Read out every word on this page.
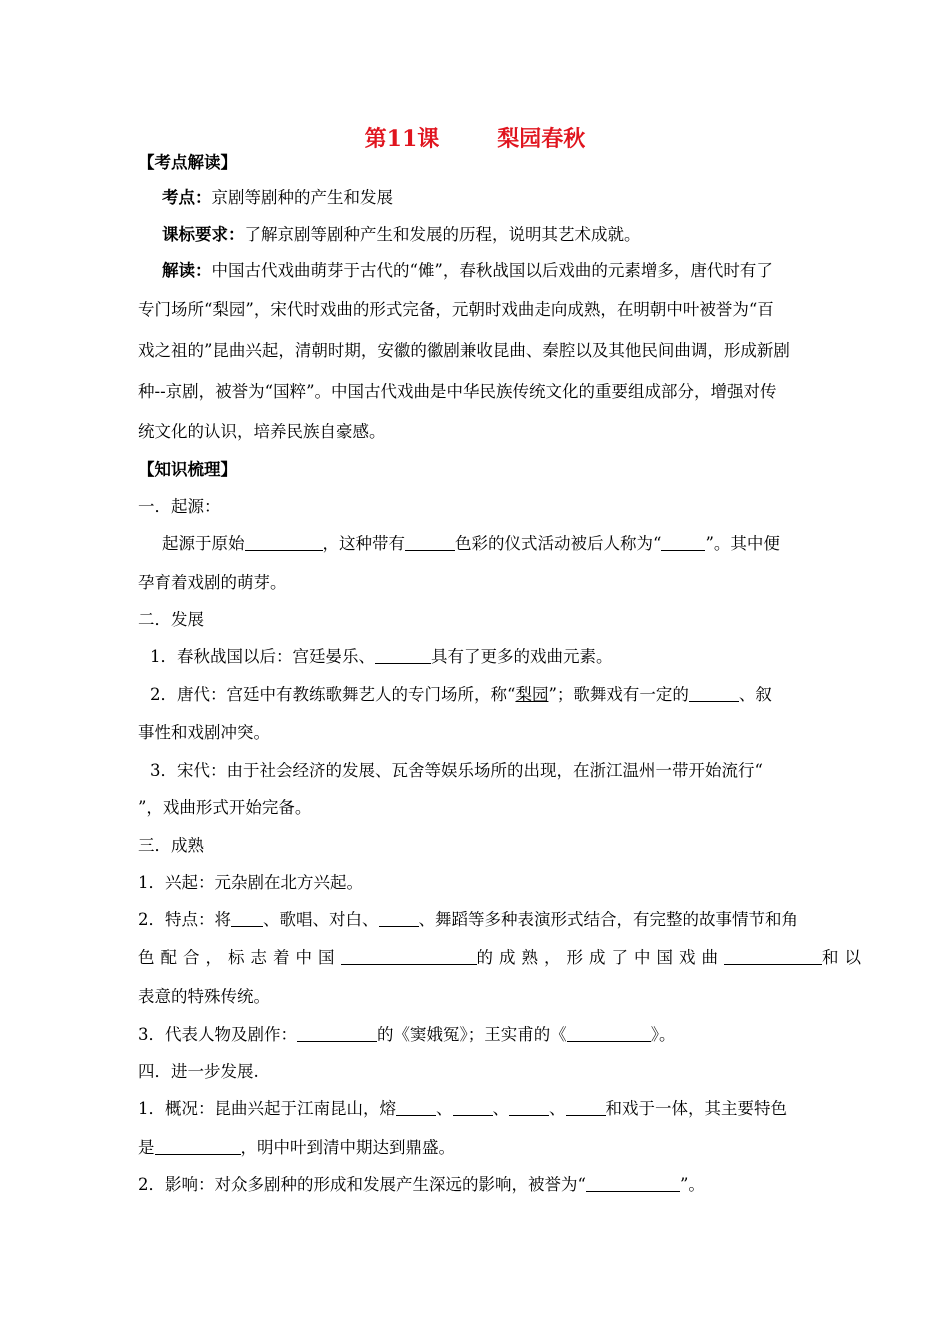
第11课	梨园春秋
【考点解读】
考点：京剧等剧种的产生和发展
课标要求：了解京剧等剧种产生和发展的历程，说明其艺术成就。
解读：中国古代戏曲萌芽于古代的“傩”，春秋战国以后戏曲的元素增多，唐代时有了
专门场所“梨园”，宋代时戏曲的形式完备，元朝时戏曲走向成熟，在明朝中叶被誉为“百
戏之祖的”昆曲兴起，清朝时期，安徽的徽剧兼收昆曲、秦腔以及其他民间曲调，形成新剧
种--京剧，被誉为“国粹”。中国古代戏曲是中华民族传统文化的重要组成部分，增强对传
统文化的认识，培养民族自豪感。
【知识梳理】
一．起源：
起源于原始	，这种带有	色彩的仪式活动被后人称为“	”。其中便
孕育着戏剧的萌芽。
二．发展
1．春秋战国以后：宫廷晏乐、	具有了更多的戏曲元素。
2．唐代：宫廷中有教练歌舞艺人的专门场所，称“梨园”；歌舞戏有一定的	、叙
事性和戏剧冲突。
3．宋代：由于社会经济的发展、瓦舍等娱乐场所的出现，在浙江温州一带开始流行“
”，戏曲形式开始完备。
三．成熟
1．兴起：元杂剧在北方兴起。
2．特点：将 、歌唱、对白、 、舞蹈等多种表演形式结合，有完整的故事情节和角
色配合，标志着中国	的成熟，形成了中国戏曲	和以
表意的特殊传统。
3．代表人物及剧作：	的《窦娥冤》；王实甫的《	》。
四．进一步发展.
1．概况：昆曲兴起于江南昆山，熔 、 、 、 和戏于一体，其主要特色
是	，明中叶到清中期达到鼎盛。
2．影响：对众多剧种的形成和发展产生深远的影响，被誉为“	”。
